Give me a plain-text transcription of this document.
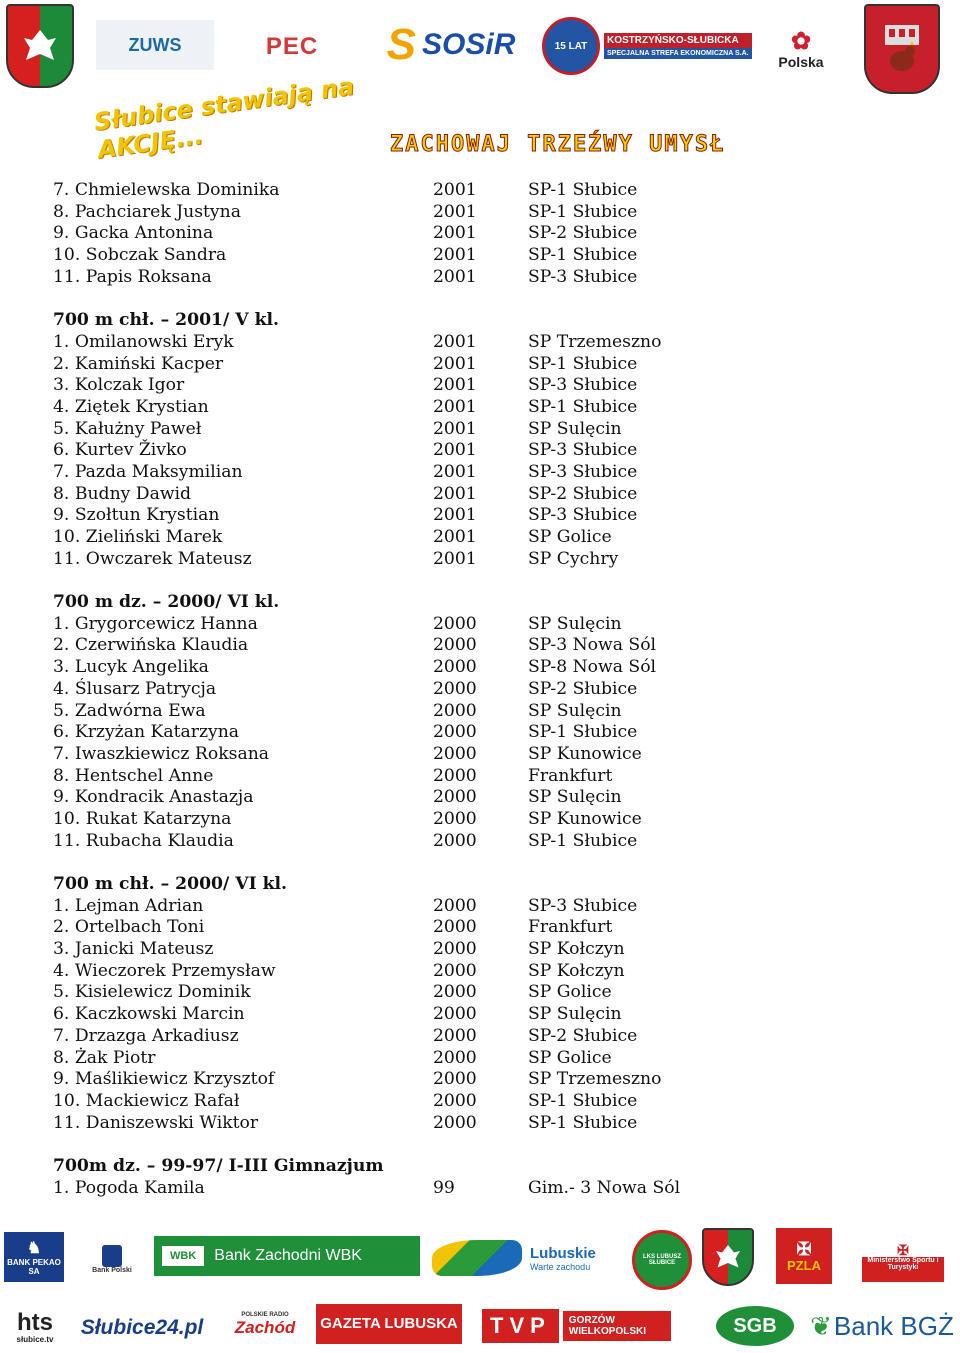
ZUWS	PEC S SOSiR	15 LAT	KOSTRZYŃSKO-SŁUBICKA
SPECJALNA STREFA EKONOMICZNA S.A. ✿
Polska
Słubice stawiają na AKCJĘ...	ZACHOWAJ TRZEŹWY UMYSŁ
7. Chmielewska Dominika	2001	SP-1 Słubice
8. Pachciarek Justyna	2001	SP-1 Słubice
9. Gacka Antonina	2001	SP-2 Słubice
10. Sobczak Sandra	2001	SP-1 Słubice
11. Papis Roksana	2001	SP-3 Słubice
700 m chł. – 2001/ V kl.
1. Omilanowski Eryk	2001	SP Trzemeszno
2. Kamiński Kacper	2001	SP-1 Słubice
3. Kolczak Igor	2001	SP-3 Słubice
4. Ziętek Krystian	2001	SP-1 Słubice
5. Kałużny Paweł	2001	SP Sulęcin
6. Kurtev Živko	2001	SP-3 Słubice
7. Pazda Maksymilian	2001	SP-3 Słubice
8. Budny Dawid	2001	SP-2 Słubice
9. Szołtun Krystian	2001	SP-3 Słubice
10. Zieliński Marek	2001	SP Golice
11. Owczarek Mateusz	2001	SP Cychry
700 m dz. – 2000/ VI kl.
1. Grygorcewicz Hanna	2000	SP Sulęcin
2. Czerwińska Klaudia	2000	SP-3 Nowa Sól
3. Lucyk Angelika	2000	SP-8 Nowa Sól
4. Ślusarz Patrycja	2000	SP-2 Słubice
5. Zadwórna Ewa	2000	SP Sulęcin
6. Krzyżan Katarzyna	2000	SP-1 Słubice
7. Iwaszkiewicz Roksana	2000	SP Kunowice
8. Hentschel Anne	2000	Frankfurt
9. Kondracik Anastazja	2000	SP Sulęcin
10. Rukat Katarzyna	2000	SP Kunowice
11. Rubacha Klaudia	2000	SP-1 Słubice
700 m chł. – 2000/ VI kl.
1. Lejman Adrian	2000	SP-3 Słubice
2. Ortelbach Toni	2000	Frankfurt
3. Janicki Mateusz	2000	SP Kołczyn
4. Wieczorek Przemysław	2000	SP Kołczyn
5. Kisielewicz Dominik	2000	SP Golice
6. Kaczkowski Marcin	2000	SP Sulęcin
7. Drzazga Arkadiusz	2000	SP-2 Słubice
8. Żak Piotr	2000	SP Golice
9. Maślikiewicz Krzysztof	2000	SP Trzemeszno
10. Mackiewicz Rafał	2000	SP-1 Słubice
11. Daniszewski Wiktor	2000	SP-1 Słubice
700m dz. – 99-97/ I-III Gimnazjum
1. Pogoda Kamila	99	Gim.- 3 Nowa Sól
♞
BANK PEKAO SA	Bank Polski
WBK	Bank Zachodni WBK	Lubuskie
Warte zachodu
LKS LUBUSZ SŁUBICE
✠
PZLA
✠
Ministerstwo Sportu i Turystyki
hts
słubice.tv Słubice24.pl
POLSKIE RADIO
Zachód GAZETA LUBUSKA	TVP	GORZÓW WIELKOPOLSKI	SGB ❦ Bank BGŻ
